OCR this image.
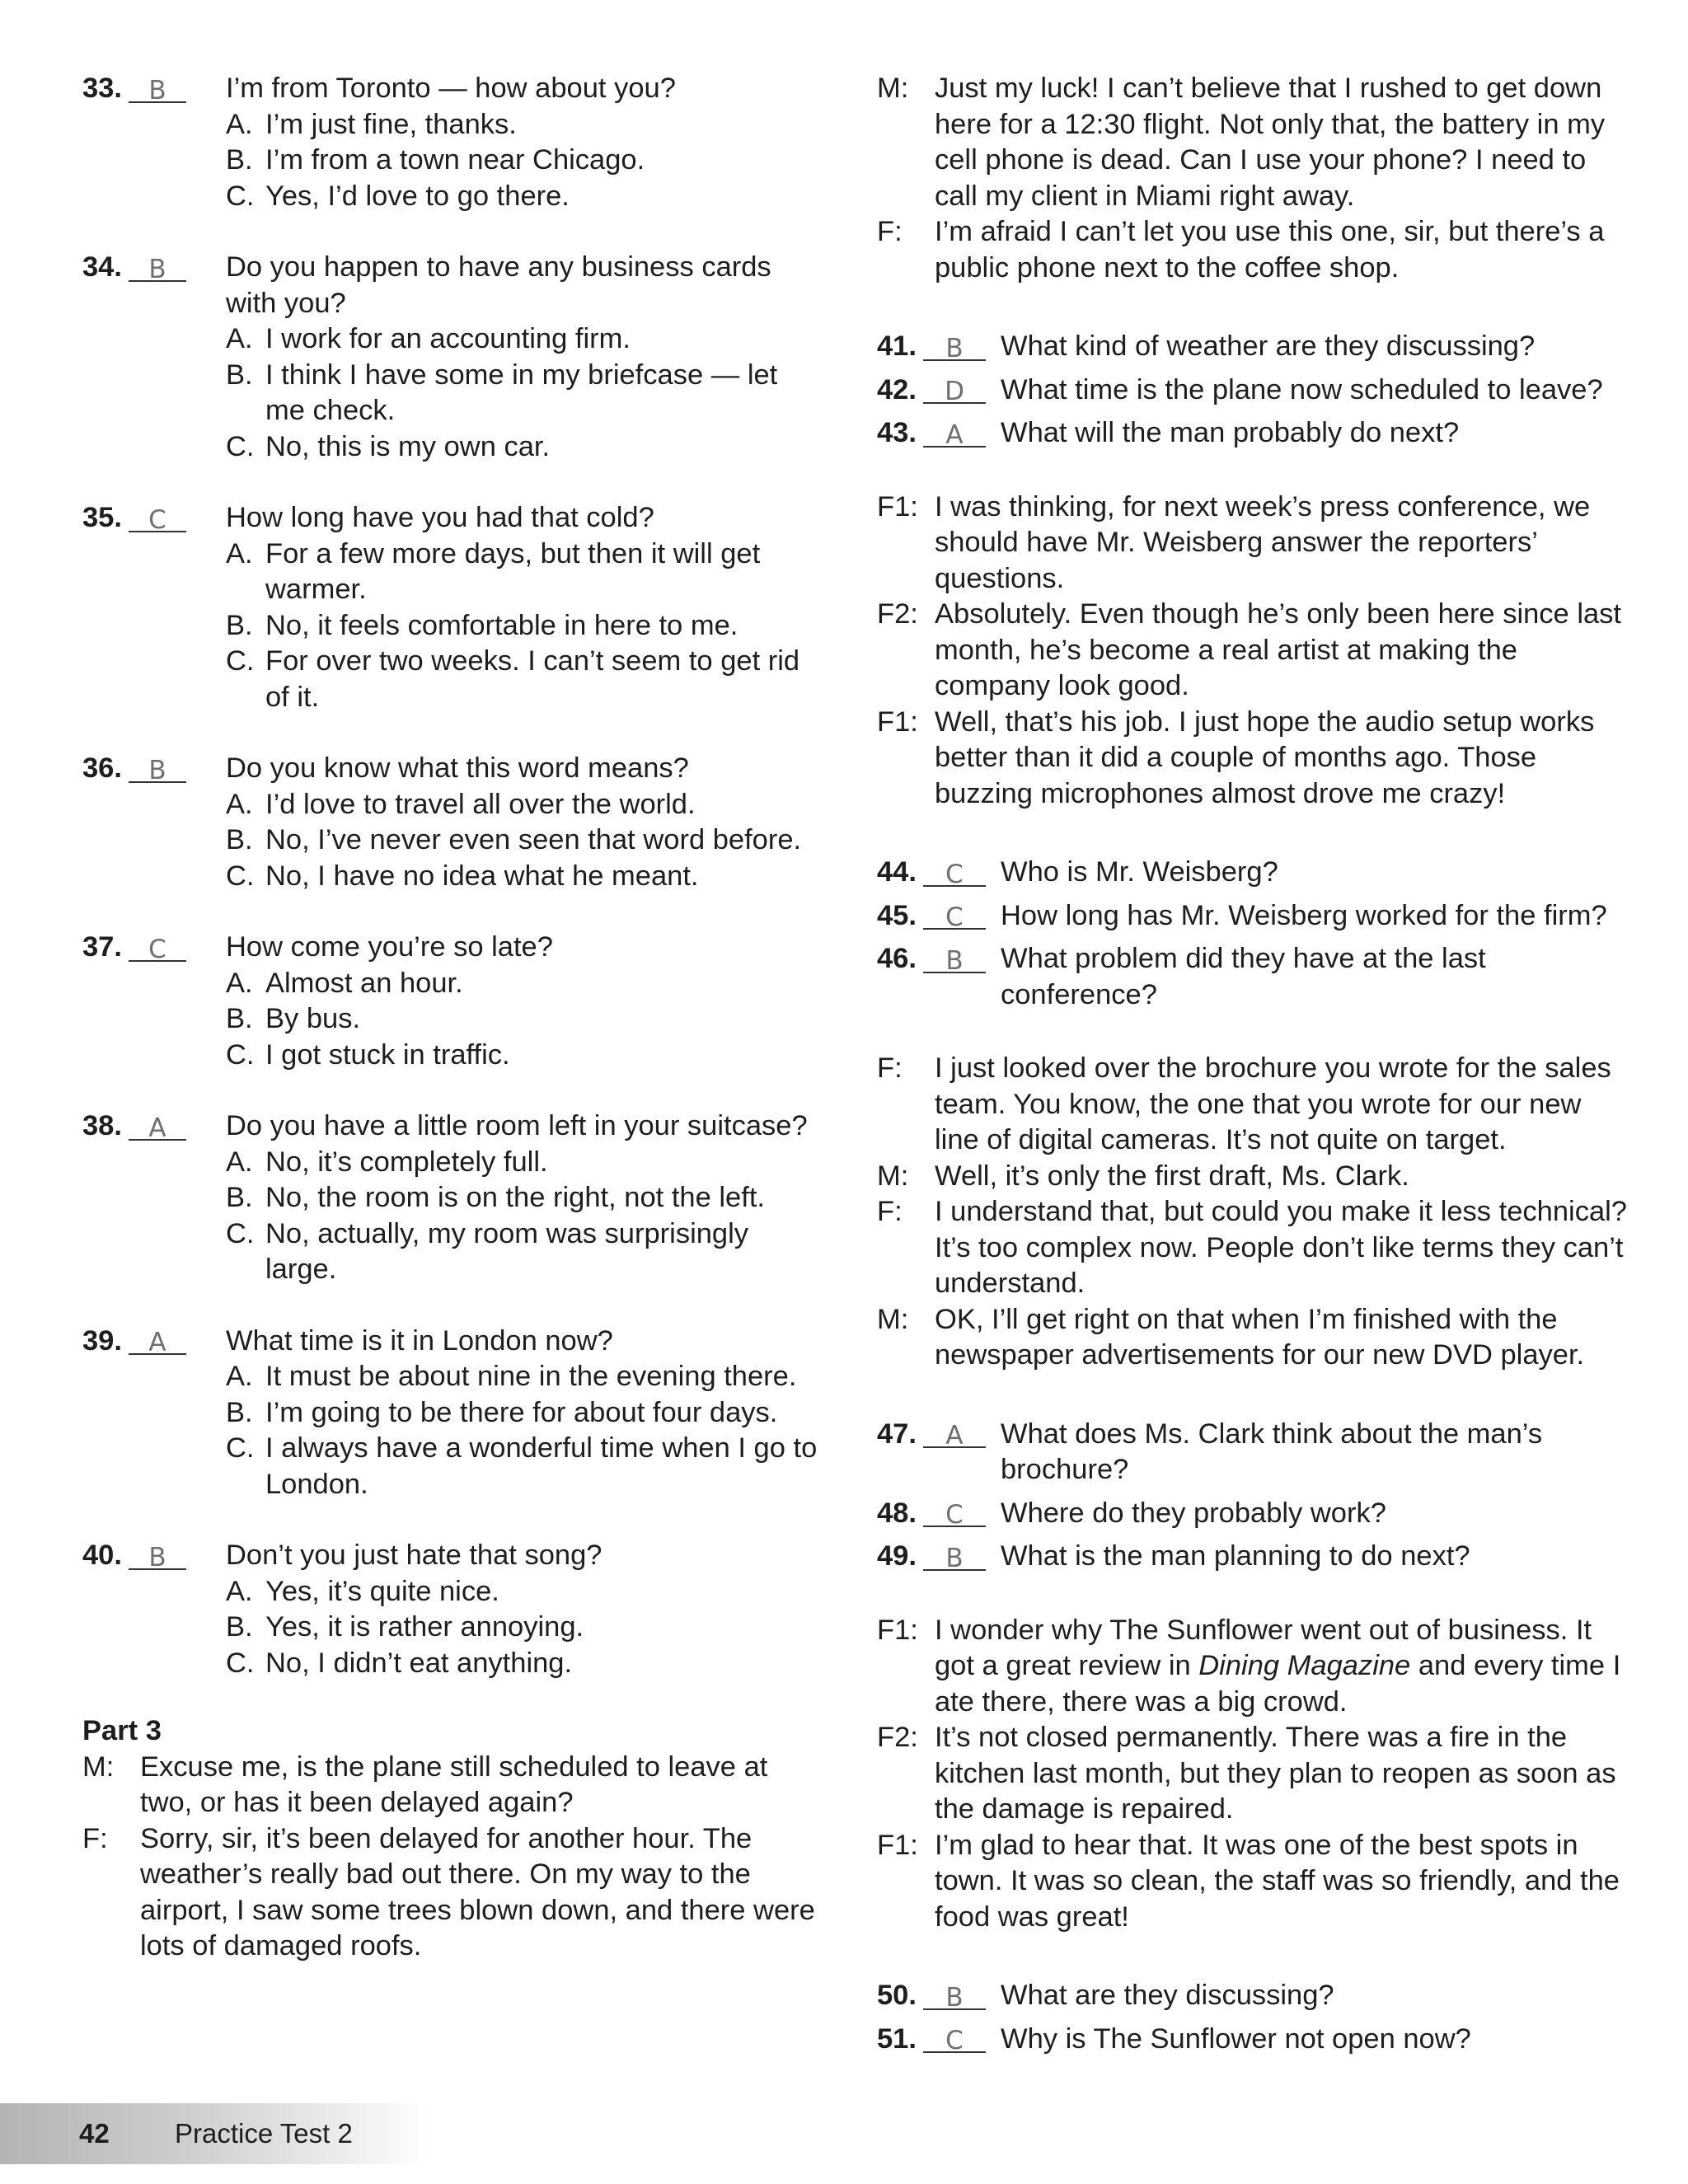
33.	B	I’m from Toronto — how about you?
A. I’m just fine, thanks.
B. I’m from a town near Chicago.
C. Yes, I’d love to go there.
34.	B	Do you happen to have any business cards with you?
A. I work for an accounting firm.
B. I think I have some in my briefcase — let me check.
C. No, this is my own car.
35.	C	How long have you had that cold?
A. For a few more days, but then it will get warmer.
B. No, it feels comfortable in here to me.
C. For over two weeks. I can’t seem to get rid of it.
36.	B	Do you know what this word means?
A. I’d love to travel all over the world.
B. No, I’ve never even seen that word before.
C. No, I have no idea what he meant.
37.	C	How come you’re so late?
A. Almost an hour.
B. By bus.
C. I got stuck in traffic.
38.	A	Do you have a little room left in your suitcase?
A. No, it’s completely full.
B. No, the room is on the right, not the left.
C. No, actually, my room was surprisingly large.
39.	A	What time is it in London now?
A. It must be about nine in the evening there.
B. I’m going to be there for about four days.
C. I always have a wonderful time when I go to London.
40.	B	Don’t you just hate that song?
A. Yes, it’s quite nice.
B. Yes, it is rather annoying.
C. No, I didn’t eat anything.
Part 3
M: Excuse me, is the plane still scheduled to leave at two, or has it been delayed again?
F:	Sorry, sir, it’s been delayed for another hour. The weather’s really bad out there. On my way to the airport, I saw some trees blown down, and there were lots of damaged roofs.
M: Just my luck! I can’t believe that I rushed to get down here for a 12:30 flight. Not only that, the battery in my cell phone is dead. Can I use your phone? I need to call my client in Miami right away.
F:	I’m afraid I can’t let you use this one, sir, but there’s a public phone next to the coffee shop.
41.	B	What kind of weather are they discussing?
42.	D	What time is the plane now scheduled to leave?
43.	A	What will the man probably do next?
F1: I was thinking, for next week’s press conference, we should have Mr. Weisberg answer the reporters’ questions.
F2: Absolutely. Even though he’s only been here since last month, he’s become a real artist at making the company look good.
F1: Well, that’s his job. I just hope the audio setup works better than it did a couple of months ago. Those buzzing microphones almost drove me crazy!
44.	C	Who is Mr. Weisberg?
45.	C	How long has Mr. Weisberg worked for the firm?
46.	B	What problem did they have at the last conference?
F:	I just looked over the brochure you wrote for the sales team. You know, the one that you wrote for our new line of digital cameras. It’s not quite on target.
M: Well, it’s only the first draft, Ms. Clark.
F:	I understand that, but could you make it less technical? It’s too complex now. People don’t like terms they can’t understand.
M: OK, I’ll get right on that when I’m finished with the newspaper advertisements for our new DVD player.
47.	A	What does Ms. Clark think about the man’s brochure?
48.	C	Where do they probably work?
49.	B	What is the man planning to do next?
F1: I wonder why The Sunflower went out of business. It got a great review in Dining Magazine and every time I ate there, there was a big crowd.
F2: It’s not closed permanently. There was a fire in the kitchen last month, but they plan to reopen as soon as the damage is repaired.
F1: I’m glad to hear that. It was one of the best spots in town. It was so clean, the staff was so friendly, and the food was great!
50.	B	What are they discussing?
51.	C	Why is The Sunflower not open now?
42 Practice Test 2
